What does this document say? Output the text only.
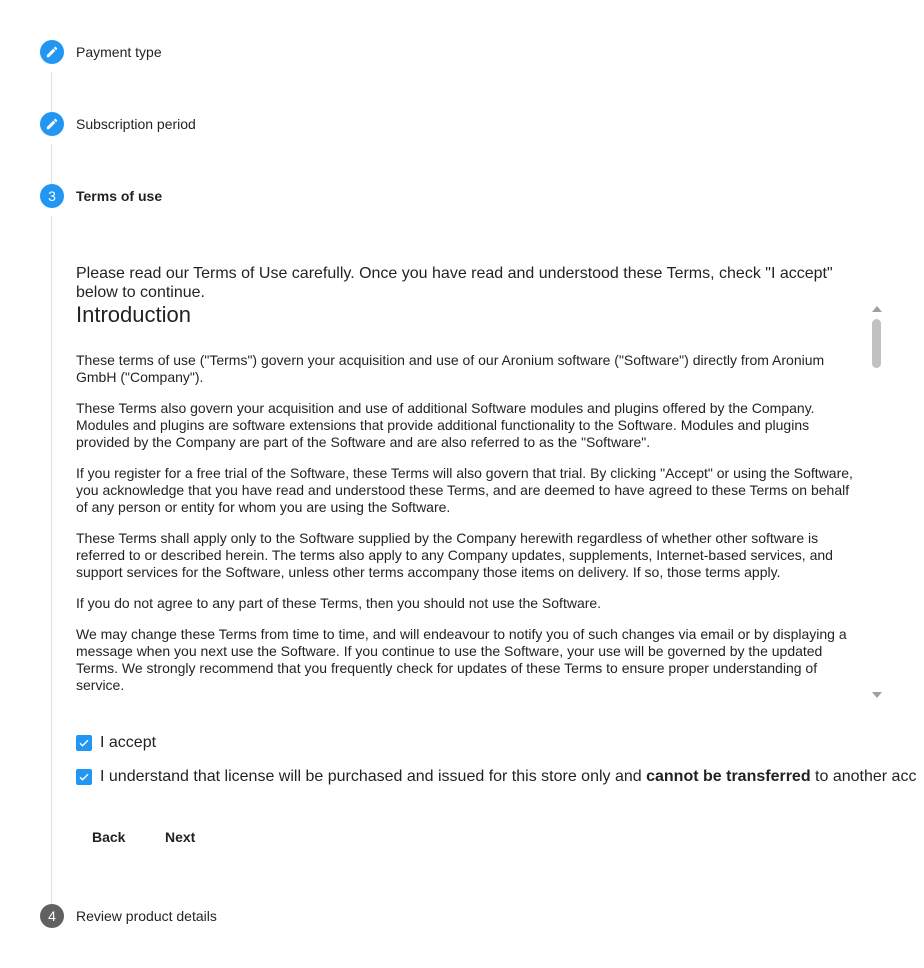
Payment type
Subscription period
3	Terms of use

Please read our Terms of Use carefully. Once you have read and understood these Terms, check "I accept" below to continue.

Introduction

These terms of use ("Terms") govern your acquisition and use of our Aronium software ("Software") directly from Aronium GmbH ("Company").

These Terms also govern your acquisition and use of additional Software modules and plugins offered by the Company. Modules and plugins are software extensions that provide additional functionality to the Software. Modules and plugins provided by the Company are part of the Software and are also referred to as the "Software".

If you register for a free trial of the Software, these Terms will also govern that trial. By clicking "Accept" or using the Software, you acknowledge that you have read and understood these Terms, and are deemed to have agreed to these Terms on behalf of any person or entity for whom you are using the Software.

These Terms shall apply only to the Software supplied by the Company herewith regardless of whether other software is referred to or described herein. The terms also apply to any Company updates, supplements, Internet-based services, and support services for the Software, unless other terms accompany those items on delivery. If so, those terms apply.

If you do not agree to any part of these Terms, then you should not use the Software.

We may change these Terms from time to time, and will endeavour to notify you of such changes via email or by displaying a message when you next use the Software. If you continue to use the Software, your use will be governed by the updated Terms. We strongly recommend that you frequently check for updates of these Terms to ensure proper understanding of service.

I accept
I understand that license will be purchased and issued for this store only and cannot be transferred to another acc
Back	Next
4	Review product details
